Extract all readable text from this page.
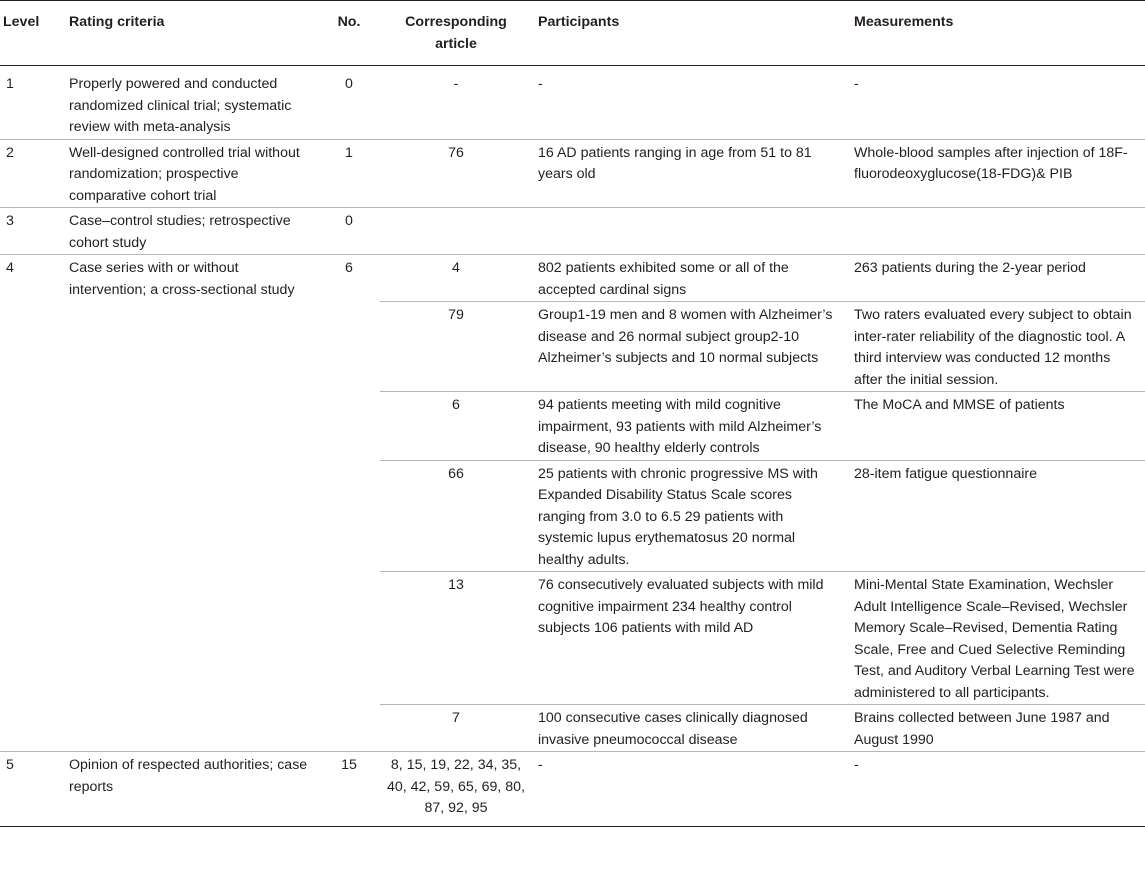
Level	Rating criteria	No.	Corresponding article	Participants	Measurements
1	Properly powered and conducted randomized clinical trial; systematic review with meta-analysis	0	-	-	-
2	Well-designed controlled trial without randomization; prospective comparative cohort trial	1	76	16 AD patients ranging in age from 51 to 81 years old	Whole-blood samples after injection of 18F-fluorodeoxyglucose(18-FDG)& PIB
3	Case–control studies; retrospective cohort study	0			
4	Case series with or without intervention; a cross-sectional study	6	4	802 patients exhibited some or all of the accepted cardinal signs	263 patients during the 2-year period
			79	Group1-19 men and 8 women with Alzheimer’s disease and 26 normal subject group2-10 Alzheimer’s subjects and 10 normal subjects	Two raters evaluated every subject to obtain inter-rater reliability of the diagnostic tool. A third interview was conducted 12 months after the initial session.
			6	94 patients meeting with mild cognitive impairment, 93 patients with mild Alzheimer’s disease, 90 healthy elderly controls	The MoCA and MMSE of patients
			66	25 patients with chronic progressive MS with Expanded Disability Status Scale scores ranging from 3.0 to 6.5 29 patients with systemic lupus erythematosus 20 normal healthy adults.	28-item fatigue questionnaire
			13	76 consecutively evaluated subjects with mild cognitive impairment 234 healthy control subjects 106 patients with mild AD	Mini-Mental State Examination, Wechsler Adult Intelligence Scale–Revised, Wechsler Memory Scale–Revised, Dementia Rating Scale, Free and Cued Selective Reminding Test, and Auditory Verbal Learning Test were administered to all participants.
			7	100 consecutive cases clinically diagnosed invasive pneumococcal disease	Brains collected between June 1987 and August 1990
5	Opinion of respected authorities; case reports	15	8, 15, 19, 22, 34, 35, 40, 42, 59, 65, 69, 80, 87, 92, 95	-	-
